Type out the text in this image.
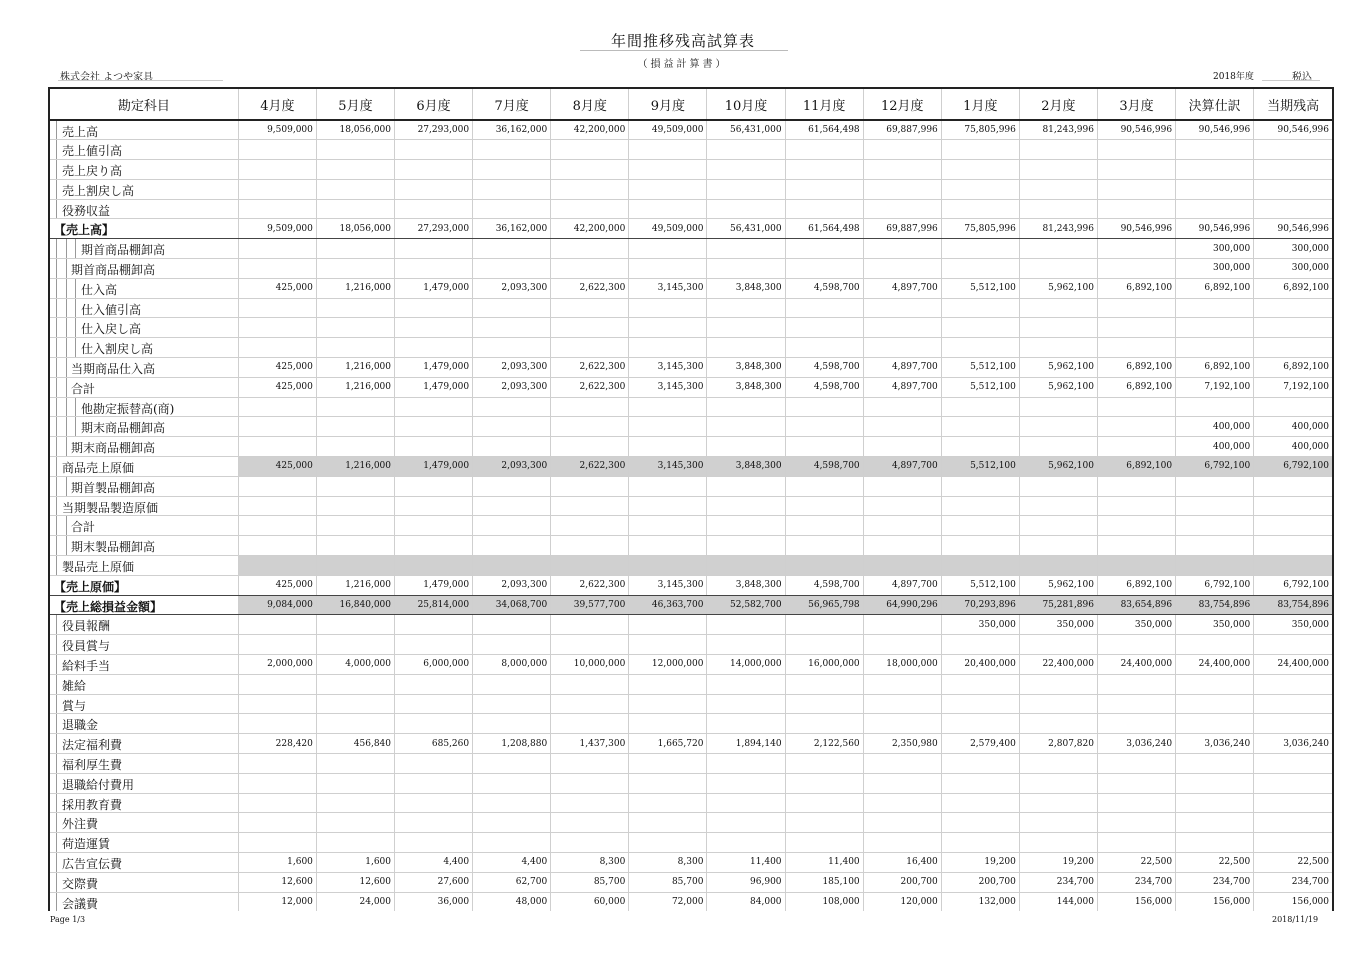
年間推移残高試算表
（損益計算書）
株式会社 よつや家具	2018年度	税込
勘定科目	4月度	5月度	6月度	7月度	8月度	9月度	10月度	11月度	12月度	1月度	2月度	3月度	決算仕訳	当期残高

売上高	9,509,000	18,056,000	27,293,000	36,162,000	42,200,000	49,509,000	56,431,000	61,564,498	69,887,996	75,805,996	81,243,996	90,546,996	90,546,996	90,546,996

売上値引高														

売上戻り高														

売上割戻し高														

役務収益														

【売上高】	9,509,000	18,056,000	27,293,000	36,162,000	42,200,000	49,509,000	56,431,000	61,564,498	69,887,996	75,805,996	81,243,996	90,546,996	90,546,996	90,546,996

期首商品棚卸高													300,000	300,000

期首商品棚卸高													300,000	300,000

仕入高	425,000	1,216,000	1,479,000	2,093,300	2,622,300	3,145,300	3,848,300	4,598,700	4,897,700	5,512,100	5,962,100	6,892,100	6,892,100	6,892,100

仕入値引高														

仕入戻し高														

仕入割戻し高														

当期商品仕入高	425,000	1,216,000	1,479,000	2,093,300	2,622,300	3,145,300	3,848,300	4,598,700	4,897,700	5,512,100	5,962,100	6,892,100	6,892,100	6,892,100

合計	425,000	1,216,000	1,479,000	2,093,300	2,622,300	3,145,300	3,848,300	4,598,700	4,897,700	5,512,100	5,962,100	6,892,100	7,192,100	7,192,100

他勘定振替高(商)														

期末商品棚卸高													400,000	400,000

期末商品棚卸高													400,000	400,000

商品売上原価	425,000	1,216,000	1,479,000	2,093,300	2,622,300	3,145,300	3,848,300	4,598,700	4,897,700	5,512,100	5,962,100	6,892,100	6,792,100	6,792,100

期首製品棚卸高														

当期製品製造原価														

合計														

期末製品棚卸高														

製品売上原価														

【売上原価】	425,000	1,216,000	1,479,000	2,093,300	2,622,300	3,145,300	3,848,300	4,598,700	4,897,700	5,512,100	5,962,100	6,892,100	6,792,100	6,792,100

【売上総損益金額】	9,084,000	16,840,000	25,814,000	34,068,700	39,577,700	46,363,700	52,582,700	56,965,798	64,990,296	70,293,896	75,281,896	83,654,896	83,754,896	83,754,896

役員報酬										350,000	350,000	350,000	350,000	350,000

役員賞与														

給料手当	2,000,000	4,000,000	6,000,000	8,000,000	10,000,000	12,000,000	14,000,000	16,000,000	18,000,000	20,400,000	22,400,000	24,400,000	24,400,000	24,400,000

雑給														

賞与														

退職金														

法定福利費	228,420	456,840	685,260	1,208,880	1,437,300	1,665,720	1,894,140	2,122,560	2,350,980	2,579,400	2,807,820	3,036,240	3,036,240	3,036,240

福利厚生費														

退職給付費用														

採用教育費														

外注費														

荷造運賃														

広告宣伝費	1,600	1,600	4,400	4,400	8,300	8,300	11,400	11,400	16,400	19,200	19,200	22,500	22,500	22,500

交際費	12,600	12,600	27,600	62,700	85,700	85,700	96,900	185,100	200,700	200,700	234,700	234,700	234,700	234,700

会議費	12,000	24,000	36,000	48,000	60,000	72,000	84,000	108,000	120,000	132,000	144,000	156,000	156,000	156,000
Page 1/3	2018/11/19
